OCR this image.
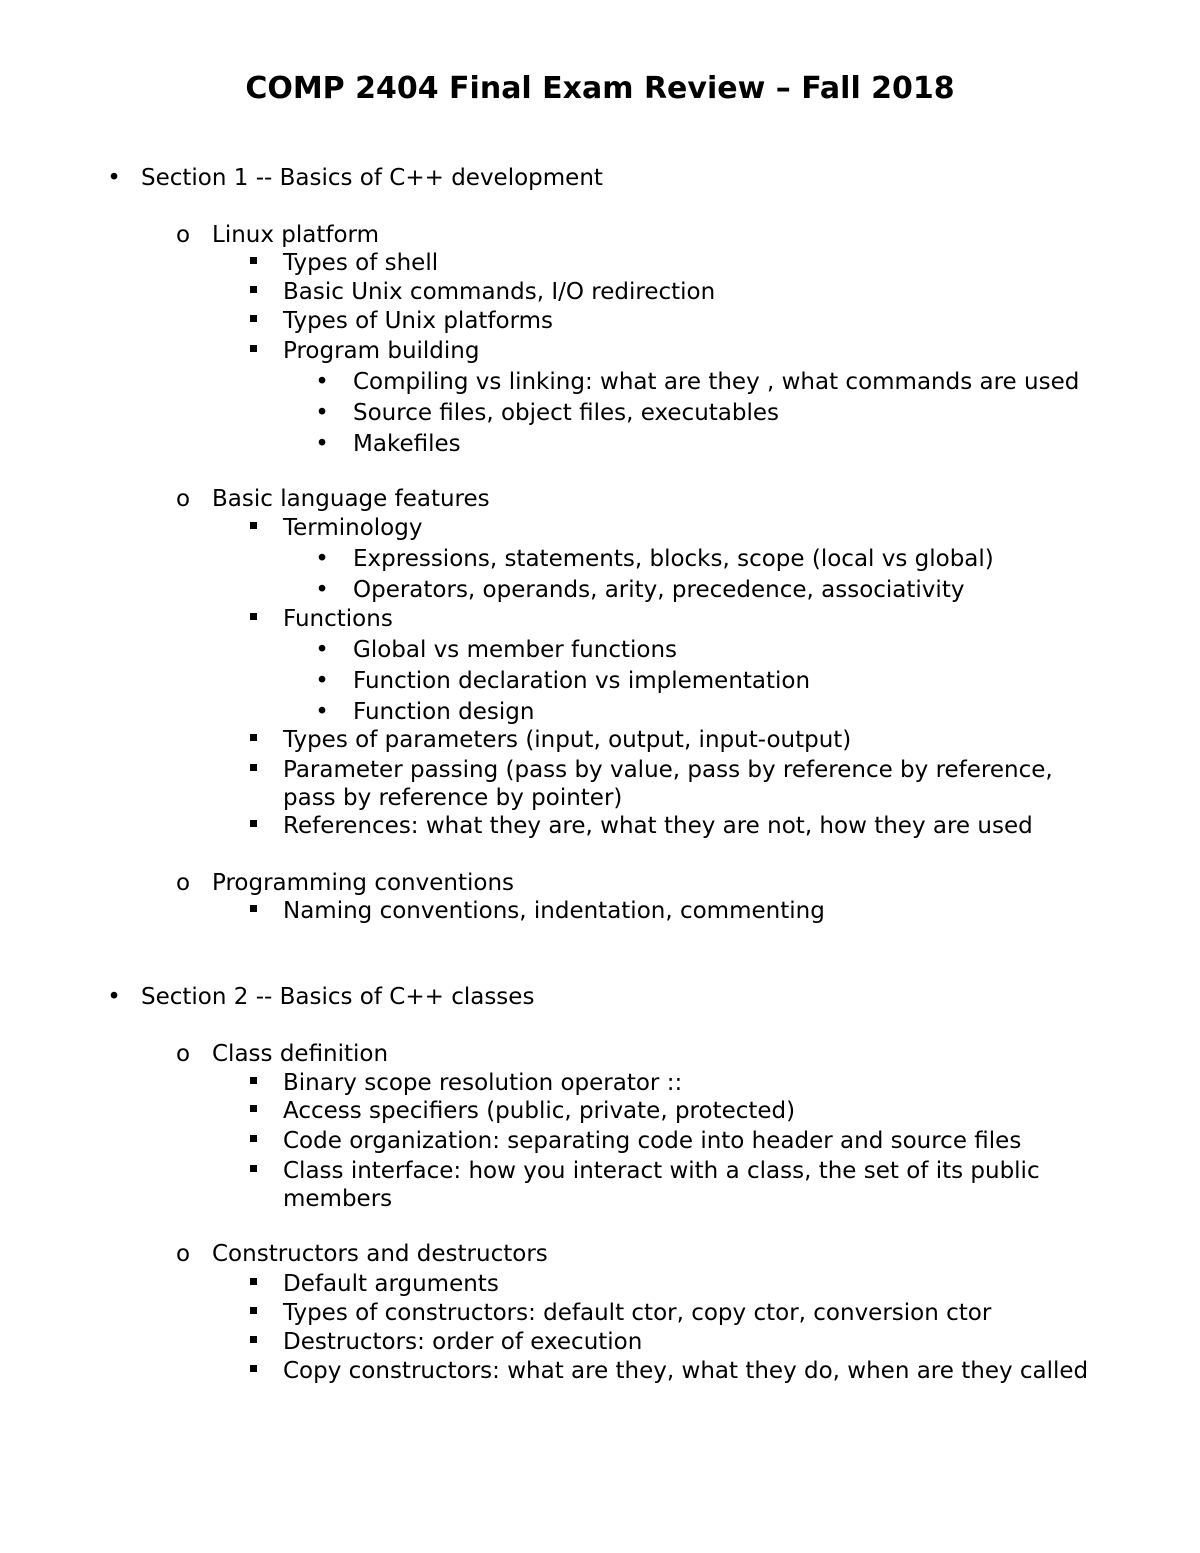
COMP 2404 Final Exam Review – Fall 2018
•
Section 1 -- Basics of C++ development
o
Linux platform
Types of shell
Basic Unix commands, I/O redirection
Types of Unix platforms
Program building
•
Compiling vs linking: what are they , what commands are used
•
Source files, object files, executables
•
Makefiles
o
Basic language features
Terminology
•
Expressions, statements, blocks, scope (local vs global)
•
Operators, operands, arity, precedence, associativity
Functions
•
Global vs member functions
•
Function declaration vs implementation
•
Function design
Types of parameters (input, output, input-output)
Parameter passing (pass by value, pass by reference by reference,
pass by reference by pointer)
References: what they are, what they are not, how they are used
o
Programming conventions
Naming conventions, indentation, commenting
•
Section 2 -- Basics of C++ classes
o
Class definition
Binary scope resolution operator ::
Access specifiers (public, private, protected)
Code organization: separating code into header and source files
Class interface: how you interact with a class, the set of its public
members
o
Constructors and destructors
Default arguments
Types of constructors: default ctor, copy ctor, conversion ctor
Destructors: order of execution
Copy constructors: what are they, what they do, when are they called
